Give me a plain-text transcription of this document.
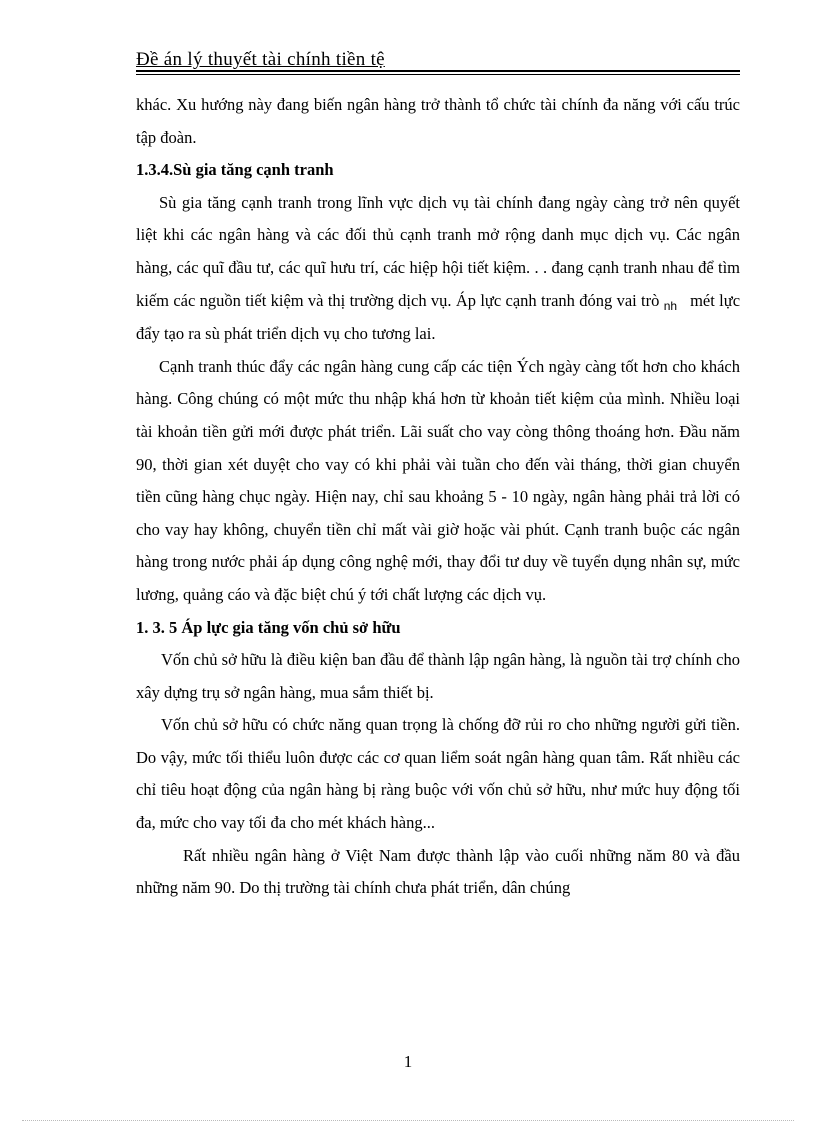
Đề án lý thuyết tài chính tiền tệ

khác. Xu hướng này đang biến ngân hàng trở thành tổ chức tài chính đa năng với cấu trúc tập đoàn.

1.3.4.Sù gia tăng cạnh tranh

Sù gia tăng cạnh tranh trong lĩnh vực dịch vụ tài chính đang ngày càng trở nên quyết liệt khi các ngân hàng và các đối thủ cạnh tranh mở rộng danh mục dịch vụ. Các ngân hàng, các quĩ đầu tư, các quĩ hưu trí, các hiệp hội tiết kiệm. . . đang cạnh tranh nhau để tìm kiếm các nguồn tiết kiệm và thị trường dịch vụ. Áp lực cạnh tranh đóng vai trò $_{nh}$ mét lực đẩy tạo ra sù phát triển dịch vụ cho tương lai.

Cạnh tranh thúc đẩy các ngân hàng cung cấp các tiện Ých ngày càng tốt hơn cho khách hàng. Công chúng có một mức thu nhập khá hơn từ khoản tiết kiệm của mình. Nhiều loại tài khoản tiền gửi mới được phát triển. Lãi suất cho vay còng thông thoáng hơn. Đầu năm 90, thời gian xét duyệt cho vay có khi phải vài tuần cho đến vài tháng, thời gian chuyển tiền cũng hàng chục ngày. Hiện nay, chỉ sau khoảng 5 - 10 ngày, ngân hàng phải trả lời có cho vay hay không, chuyển tiền chỉ mất vài giờ hoặc vài phút. Cạnh tranh buộc các ngân hàng trong nước phải áp dụng công nghệ mới, thay đổi tư duy về tuyển dụng nhân sự, mức lương, quảng cáo và đặc biệt chú ý tới chất lượng các dịch vụ.

1. 3. 5 Áp lực gia tăng vốn chủ sở hữu

Vốn chủ sở hữu là điều kiện ban đầu để thành lập ngân hàng, là nguồn tài trợ chính cho xây dựng trụ sở ngân hàng, mua sắm thiết bị.

Vốn chủ sở hữu có chức năng quan trọng là chống đỡ rủi ro cho những người gửi tiền. Do vậy, mức tối thiểu luôn được các cơ quan liểm soát ngân hàng quan tâm. Rất nhiều các chỉ tiêu hoạt động của ngân hàng bị ràng buộc với vốn chủ sở hữu, như mức huy động tối đa, mức cho vay tối đa cho mét khách hàng...

Rất nhiều ngân hàng ở Việt Nam được thành lập vào cuối những năm 80 và đầu những năm 90. Do thị trường tài chính chưa phát triển, dân chúng

1
